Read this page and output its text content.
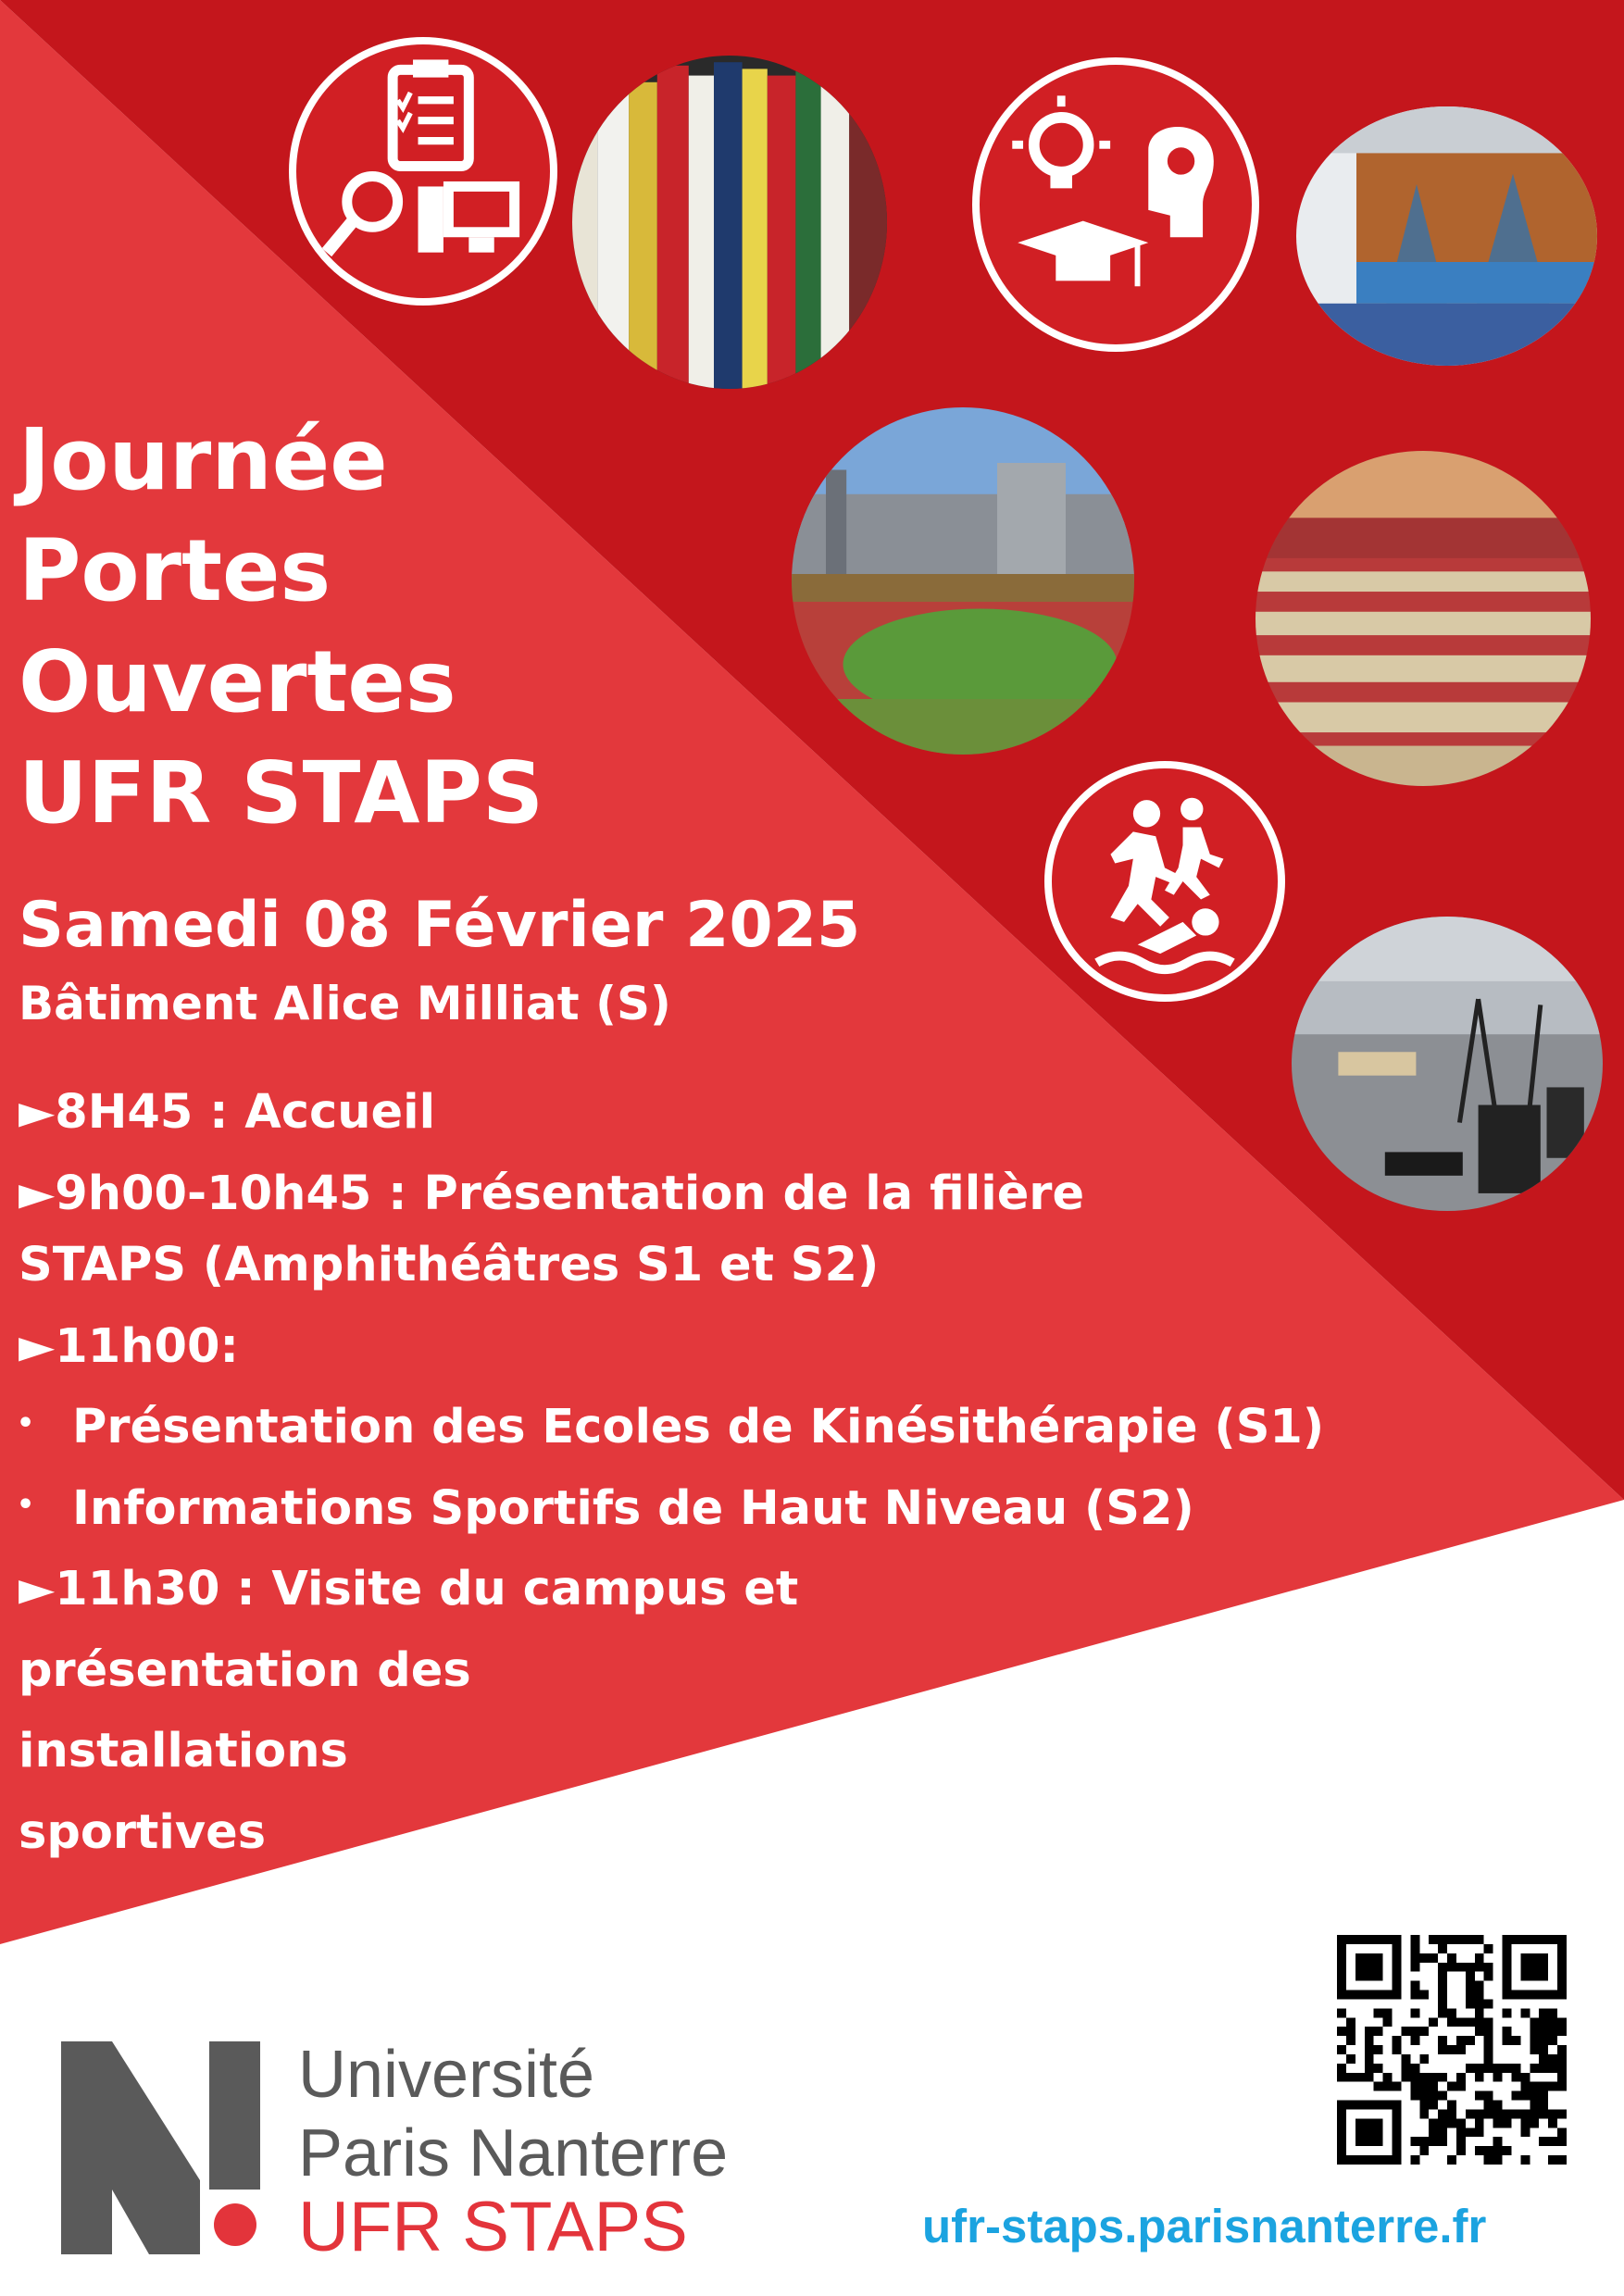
Journée
Portes
Ouvertes
UFR STAPS
Samedi 08 Février 2025
Bâtiment Alice Milliat (S)
►8H45 : Accueil
►9h00-10h45 : Présentation de la filière
STAPS (Amphithéâtres S1 et S2)
►11h00:
• Présentation des Ecoles de Kinésithérapie (S1)
• Informations Sportifs de Haut Niveau (S2)
►11h30 : Visite du campus et
présentation des
installations
sportives
Université
Paris Nanterre
UFR STAPS	ufr-staps.parisnanterre.fr
